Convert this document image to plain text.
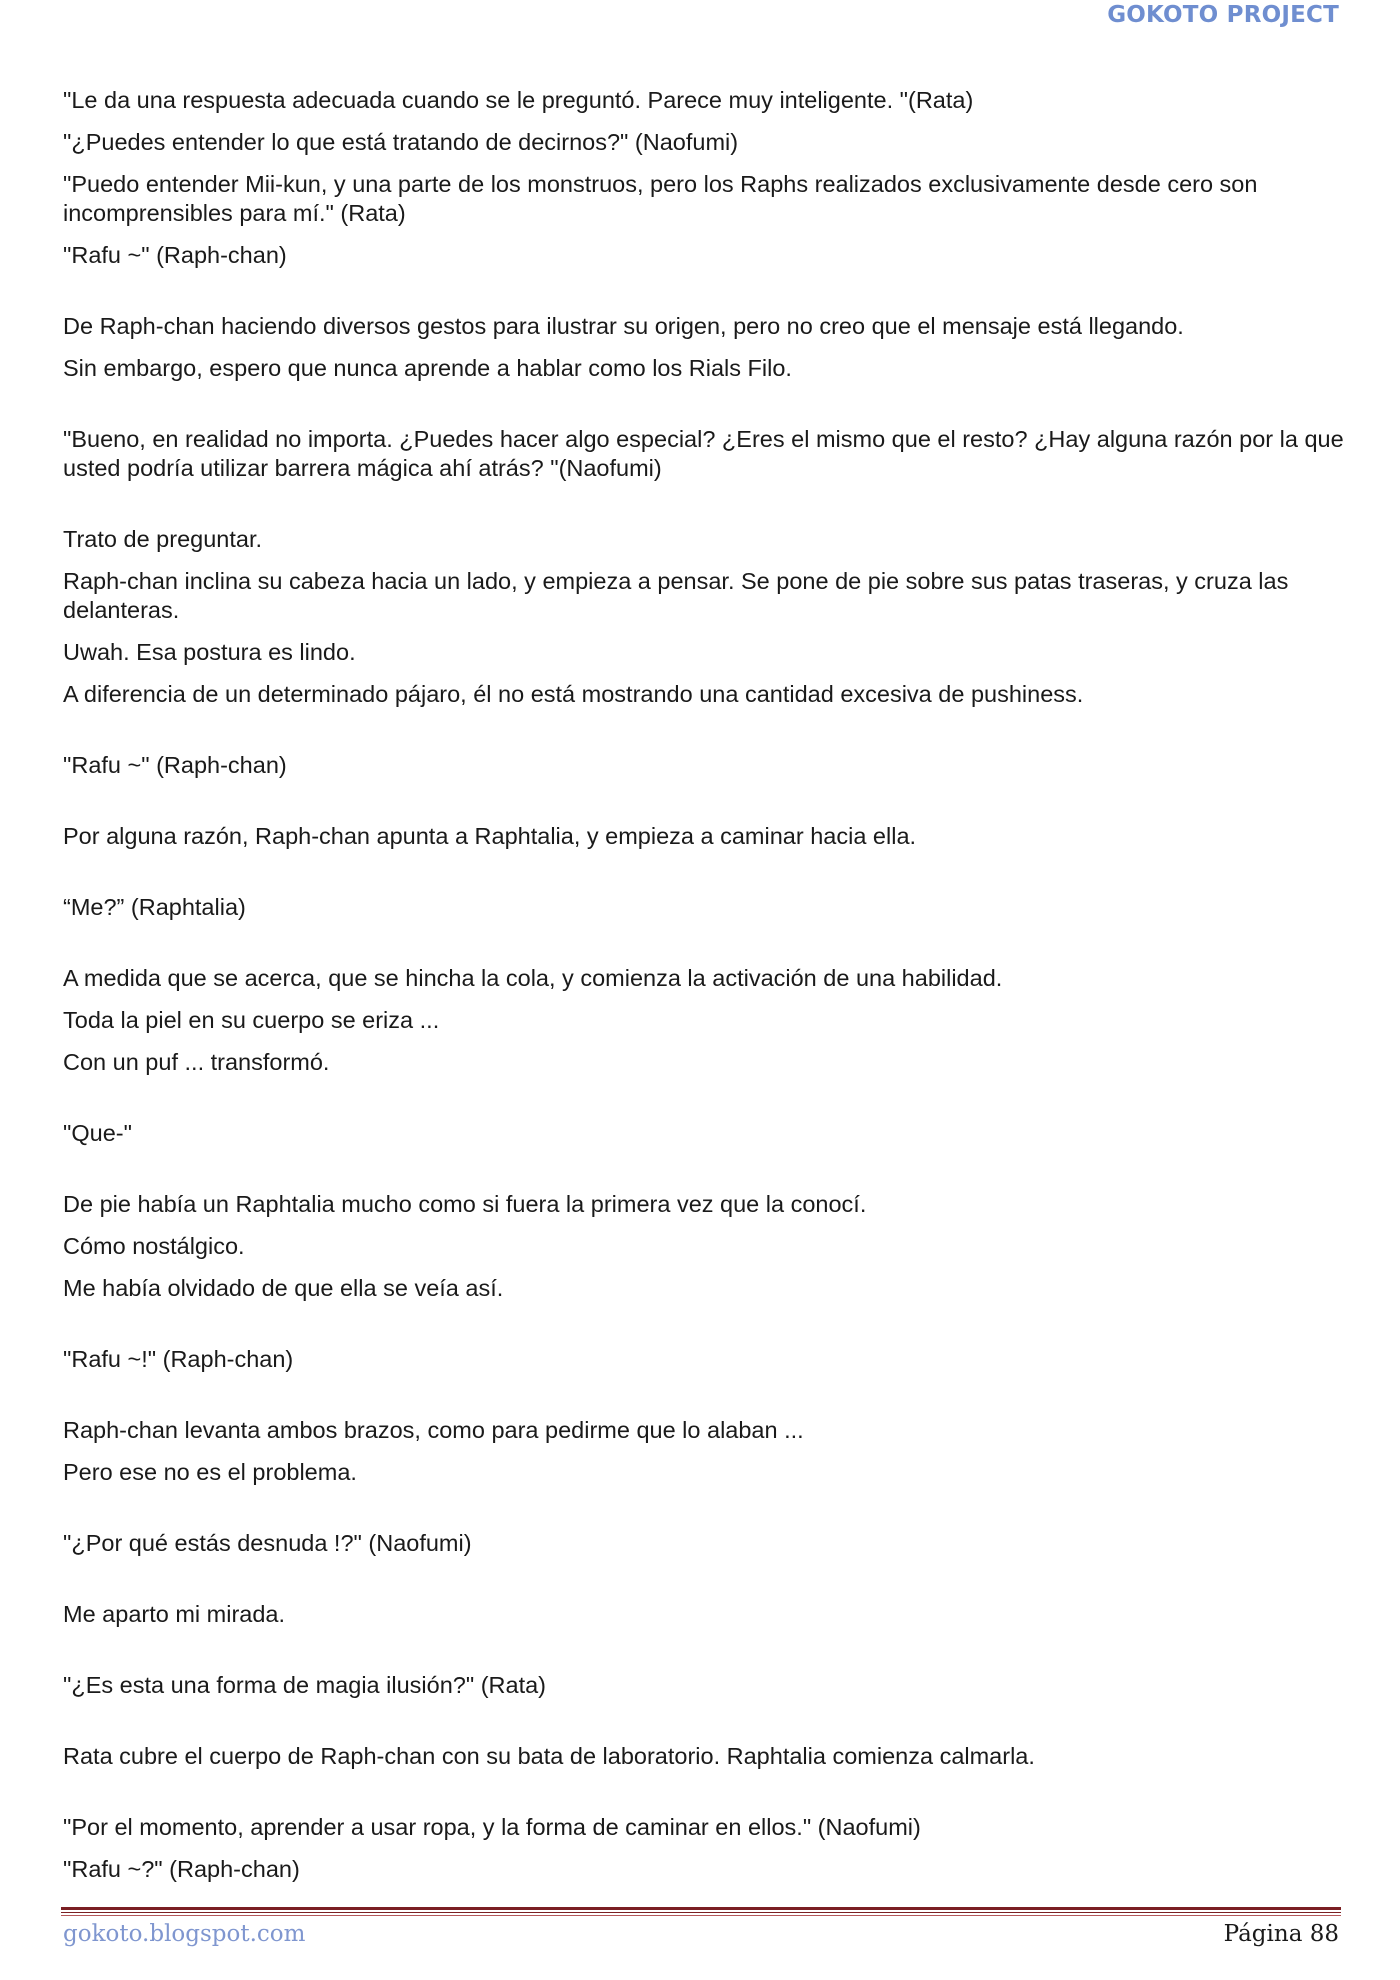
GOKOTO PROJECT

"Le da una respuesta adecuada cuando se le preguntó. Parece muy inteligente. "(Rata)

"¿Puedes entender lo que está tratando de decirnos?" (Naofumi)

"Puedo entender Mii-kun, y una parte de los monstruos, pero los Raphs realizados exclusivamente desde cero son incomprensibles para mí." (Rata)

"Rafu ~" (Raph-chan)

De Raph-chan haciendo diversos gestos para ilustrar su origen, pero no creo que el mensaje está llegando.

Sin embargo, espero que nunca aprende a hablar como los Rials Filo.

"Bueno, en realidad no importa. ¿Puedes hacer algo especial? ¿Eres el mismo que el resto? ¿Hay alguna razón por la que usted podría utilizar barrera mágica ahí atrás? "(Naofumi)

Trato de preguntar.

Raph-chan inclina su cabeza hacia un lado, y empieza a pensar. Se pone de pie sobre sus patas traseras, y cruza las delanteras.

Uwah. Esa postura es lindo.

A diferencia de un determinado pájaro, él no está mostrando una cantidad excesiva de pushiness.

"Rafu ~" (Raph-chan)

Por alguna razón, Raph-chan apunta a Raphtalia, y empieza a caminar hacia ella.

“Me?” (Raphtalia)

A medida que se acerca, que se hincha la cola, y comienza la activación de una habilidad.

Toda la piel en su cuerpo se eriza ...

Con un puf ... transformó.

"Que-"

De pie había un Raphtalia mucho como si fuera la primera vez que la conocí.

Cómo nostálgico.

Me había olvidado de que ella se veía así.

"Rafu ~!" (Raph-chan)

Raph-chan levanta ambos brazos, como para pedirme que lo alaban ...

Pero ese no es el problema.

"¿Por qué estás desnuda !?" (Naofumi)

Me aparto mi mirada.

"¿Es esta una forma de magia ilusión?" (Rata)

Rata cubre el cuerpo de Raph-chan con su bata de laboratorio. Raphtalia comienza calmarla.

"Por el momento, aprender a usar ropa, y la forma de caminar en ellos." (Naofumi)

"Rafu ~?" (Raph-chan)

gokoto.blogspot.com	Página 88
